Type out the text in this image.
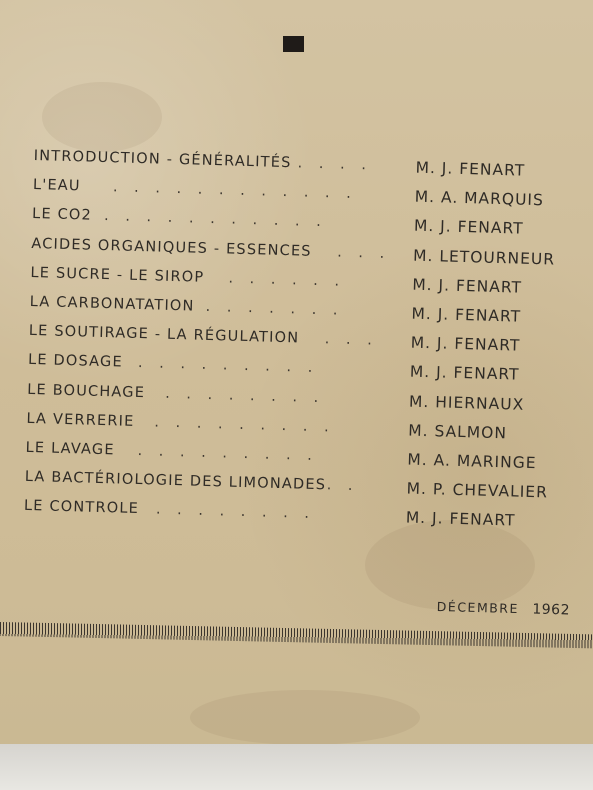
INTRODUCTION - GÉNÉRALITÉS . . . .	M. J. FENART
L'EAU . . . . . . . . . . . .	M. A. MARQUIS
LE CO2 . . . . . . . . . . .	M. J. FENART
ACIDES ORGANIQUES - ESSENCES . . . M. LETOURNEUR
LE SUCRE - LE SIROP . . . . . .	M. J. FENART
LA CARBONATATION . . . . . . .	M. J. FENART
LE SOUTIRAGE - LA RÉGULATION . . . M. J. FENART
LE DOSAGE . . . . . . . . .	M. J. FENART
LE BOUCHAGE . . . . . . . .	M. HIERNAUX
LA VERRERIE . . . . . . . . .	M. SALMON
LE LAVAGE . . . . . . . . .	M. A. MARINGE
LA BACTÉRIOLOGIE DES LIMONADES . .	M. P. CHEVALIER
LE CONTROLE . . . . . . . .	M. J. FENART
DÉCEMBRE 1962
